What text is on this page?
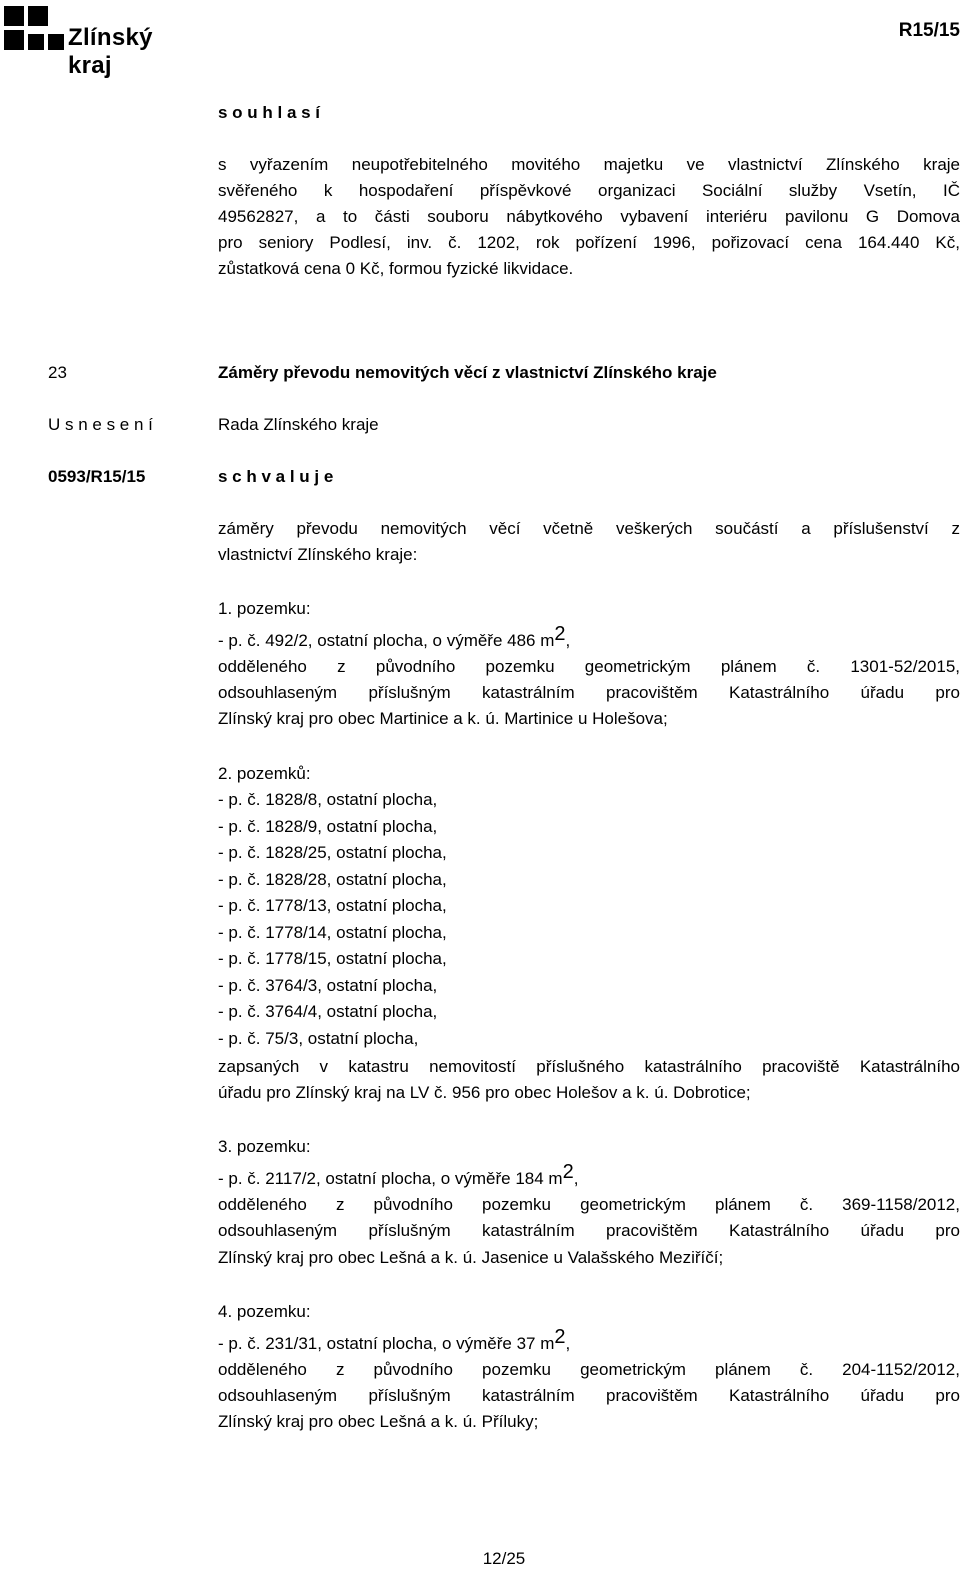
Zlínský kraj
R15/15
s o u h l a s í
s vyřazením neupotřebitelného movitého majetku ve vlastnictví Zlínského kraje
svěřeného k hospodaření příspěvkové organizaci Sociální služby Vsetín, IČ
49562827, a to části souboru nábytkového vybavení interiéru pavilonu G Domova
pro seniory Podlesí, inv. č. 1202, rok pořízení 1996, pořizovací cena 164.440 Kč,
zůstatková cena 0 Kč, formou fyzické likvidace.
23	Záměry převodu nemovitých věcí z vlastnictví Zlínského kraje
U s n e s e n í	Rada Zlínského kraje
0593/R15/15	s c h v a l u j e
záměry převodu nemovitých věcí včetně veškerých součástí a příslušenství z
vlastnictví Zlínského kraje:
1. pozemku:
- p. č. 492/2, ostatní plocha, o výměře 486 $m^2$,
odděleného z původního pozemku geometrickým plánem č. 1301-52/2015,
odsouhlaseným příslušným katastrálním pracovištěm Katastrálního úřadu pro
Zlínský kraj pro obec Martinice a k. ú. Martinice u Holešova;
2. pozemků:
- p. č. 1828/8, ostatní plocha,
- p. č. 1828/9, ostatní plocha,
- p. č. 1828/25, ostatní plocha,
- p. č. 1828/28, ostatní plocha,
- p. č. 1778/13, ostatní plocha,
- p. č. 1778/14, ostatní plocha,
- p. č. 1778/15, ostatní plocha,
- p. č. 3764/3, ostatní plocha,
- p. č. 3764/4, ostatní plocha,
- p. č. 75/3, ostatní plocha,
zapsaných v katastru nemovitostí příslušného katastrálního pracoviště Katastrálního
úřadu pro Zlínský kraj na LV č. 956 pro obec Holešov a k. ú. Dobrotice;
3. pozemku:
- p. č. 2117/2, ostatní plocha, o výměře 184 $m^2$,
odděleného z původního pozemku geometrickým plánem č. 369-1158/2012,
odsouhlaseným příslušným katastrálním pracovištěm Katastrálního úřadu pro
Zlínský kraj pro obec Lešná a k. ú. Jasenice u Valašského Meziříčí;
4. pozemku:
- p. č. 231/31, ostatní plocha, o výměře 37 $m^2$,
odděleného z původního pozemku geometrickým plánem č. 204-1152/2012,
odsouhlaseným příslušným katastrálním pracovištěm Katastrálního úřadu pro
Zlínský kraj pro obec Lešná a k. ú. Příluky;
12/25
